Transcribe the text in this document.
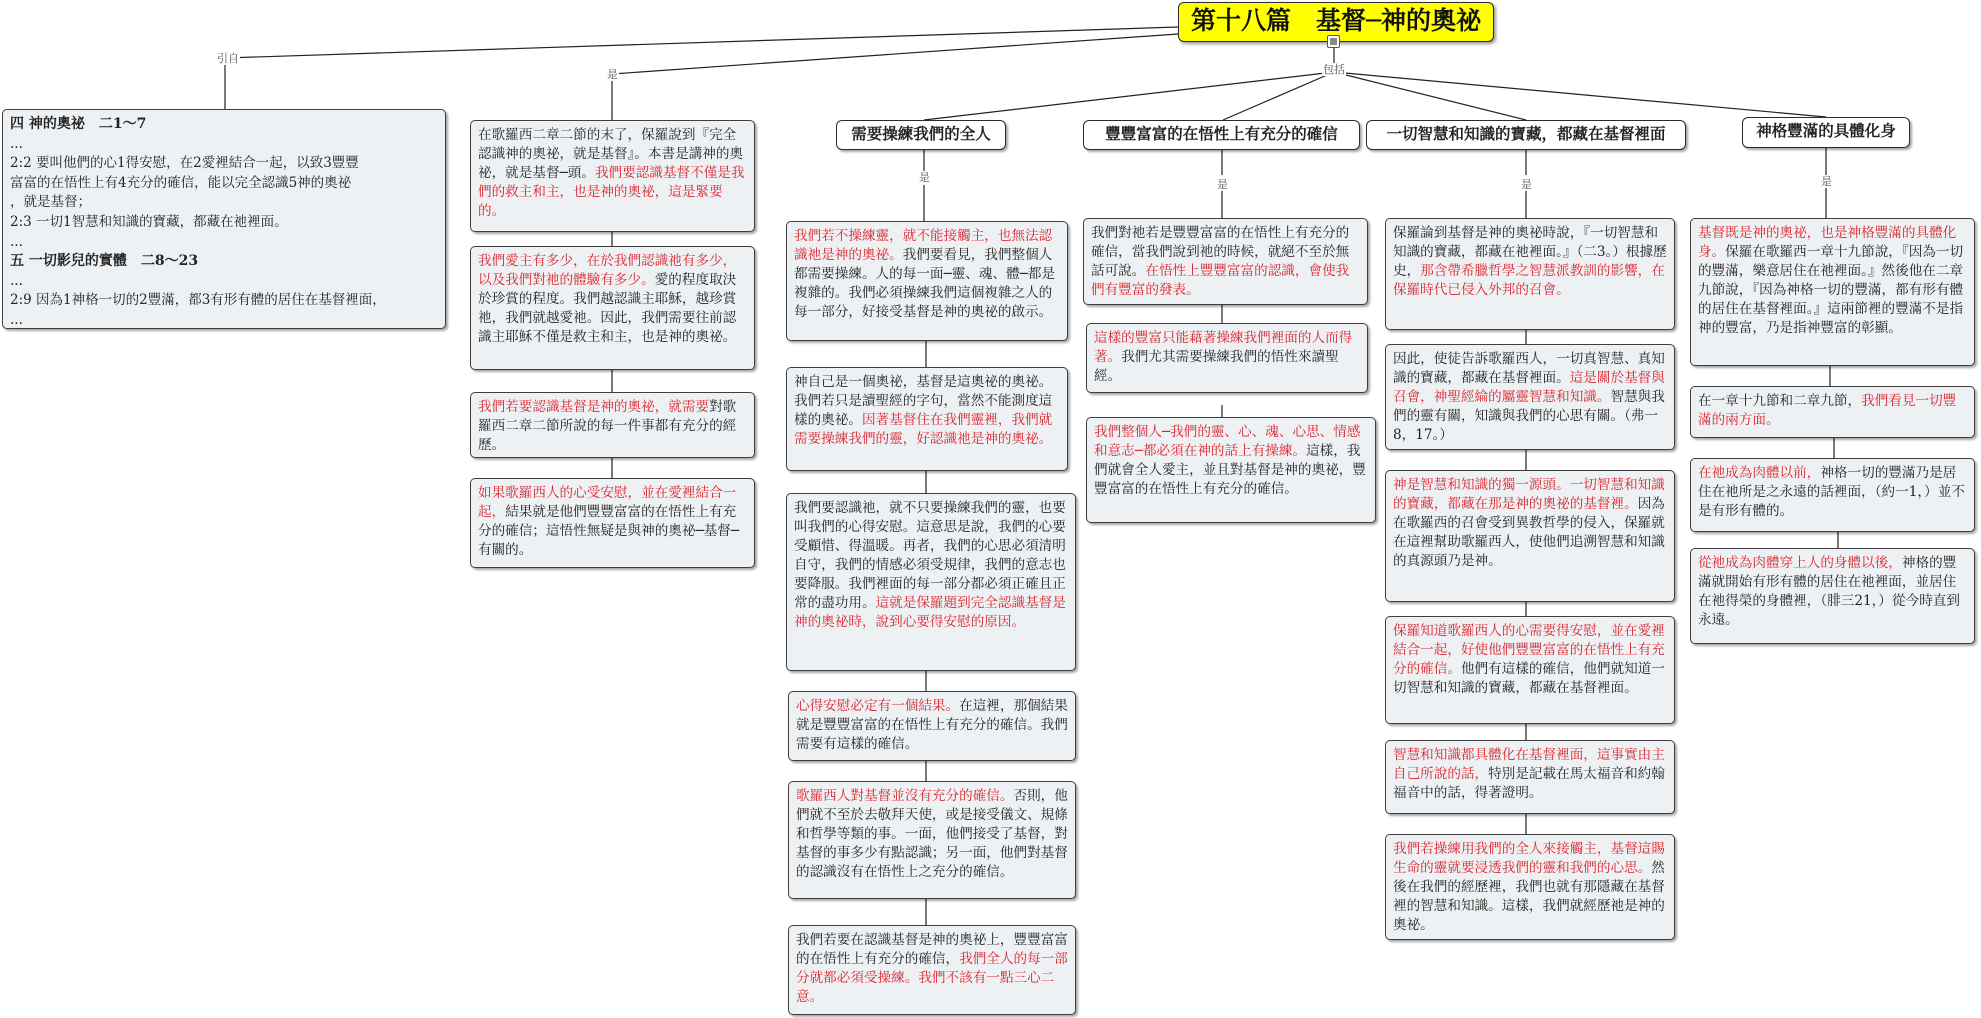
第十八篇　基督─神的奧祕
引自
是	包括
是
是	是	是
四 神的奧祕　二1～7
...
2:2 要叫他們的心1得安慰，在2愛裡結合一起，以致3豐豐
富富的在悟性上有4充分的確信，能以完全認識5神的奧祕
，就是基督；
2:3 一切1智慧和知識的寶藏，都藏在祂裡面。
...
五 一切影兒的實體　二8～23
...
2:9 因為1神格一切的2豐滿，都3有形有體的居住在基督裡面，
...
在歌羅西二章二節的末了，保羅說到『完全認識神的奧祕，就是基督』。本書是講神的奧祕，就是基督─頭。我們要認識基督不僅是我們的救主和主，也是神的奧祕，這是緊要的。
我們愛主有多少，在於我們認識祂有多少，以及我們對祂的體驗有多少。愛的程度取決於珍賞的程度。我們越認識主耶穌，越珍賞祂，我們就越愛祂。因此，我們需要往前認識主耶穌不僅是救主和主，也是神的奧祕。
我們若要認識基督是神的奧祕，就需要對歌羅西二章二節所說的每一件事都有充分的經歷。
如果歌羅西人的心受安慰，並在愛裡結合一起，結果就是他們豐豐富富的在悟性上有充分的確信；這悟性無疑是與神的奧祕─基督─有關的。
需要操練我們的全人	豐豐富富的在悟性上有充分的確信	一切智慧和知識的寶藏，都藏在基督裡面	神格豐滿的具體化身
我們若不操練靈，就不能接觸主，也無法認識祂是神的奧祕。我們要看見，我們整個人都需要操練。人的每一面─靈、魂、體─都是複雜的。我們必須操練我們這個複雜之人的每一部分，好接受基督是神的奧祕的啟示。
神自己是一個奧祕，基督是這奧祕的奧祕。我們若只是讀聖經的字句，當然不能測度這樣的奧祕。因著基督住在我們靈裡，我們就需要操練我們的靈，好認識祂是神的奧祕。
我們要認識祂，就不只要操練我們的靈，也要叫我們的心得安慰。這意思是說，我們的心要受顧惜、得溫暖。再者，我們的心思必須清明自守，我們的情感必須受規律，我們的意志也要降服。我們裡面的每一部分都必須正確且正常的盡功用。這就是保羅題到完全認識基督是神的奧祕時，說到心要得安慰的原因。
心得安慰必定有一個結果。在這裡，那個結果就是豐豐富富的在悟性上有充分的確信。我們需要有這樣的確信。
歌羅西人對基督並沒有充分的確信。否則，他們就不至於去敬拜天使，或是接受儀文、規條和哲學等類的事。一面，他們接受了基督，對基督的事多少有點認識；另一面，他們對基督的認識沒有在悟性上之充分的確信。
我們若要在認識基督是神的奧祕上，豐豐富富的在悟性上有充分的確信，我們全人的每一部分就都必須受操練。我們不該有一點三心二意。
我們對祂若是豐豐富富的在悟性上有充分的確信，當我們說到祂的時候，就絕不至於無話可說。在悟性上豐豐富富的認識，會使我們有豐富的發表。
這樣的豐富只能藉著操練我們裡面的人而得著。我們尤其需要操練我們的悟性來讀聖經。
我們整個人─我們的靈、心、魂、心思、情感和意志─都必須在神的話上有操練。這樣，我們就會全人愛主，並且對基督是神的奧祕，豐豐富富的在悟性上有充分的確信。
保羅論到基督是神的奧祕時說，『一切智慧和知識的寶藏，都藏在祂裡面。』（二3。）根據歷史，那含帶希臘哲學之智慧派教訓的影響，在保羅時代已侵入外邦的召會。
因此，使徒告訴歌羅西人，一切真智慧、真知識的寶藏，都藏在基督裡面。這是關於基督與召會，神聖經綸的屬靈智慧和知識。智慧與我們的靈有關，知識與我們的心思有關。（弗一8，17。）
神是智慧和知識的獨一源頭。一切智慧和知識的寶藏，都藏在那是神的奧祕的基督裡。因為在歌羅西的召會受到異教哲學的侵入，保羅就在這裡幫助歌羅西人，使他們追溯智慧和知識的真源頭乃是神。
保羅知道歌羅西人的心需要得安慰，並在愛裡結合一起，好使他們豐豐富富的在悟性上有充分的確信。他們有這樣的確信，他們就知道一切智慧和知識的寶藏，都藏在基督裡面。
智慧和知識都具體化在基督裡面，這事實由主自己所說的話，特別是記載在馬太福音和約翰福音中的話，得著證明。
我們若操練用我們的全人來接觸主，基督這賜生命的靈就要浸透我們的靈和我們的心思。然後在我們的經歷裡，我們也就有那隱藏在基督裡的智慧和知識。這樣，我們就經歷祂是神的奧祕。
基督既是神的奧祕，也是神格豐滿的具體化身。保羅在歌羅西一章十九節說，『因為一切的豐滿，樂意居住在祂裡面。』然後他在二章九節說，『因為神格一切的豐滿，都有形有體的居住在基督裡面。』這兩節裡的豐滿不是指神的豐富，乃是指神豐富的彰顯。
在一章十九節和二章九節，我們看見一切豐滿的兩方面。
在祂成為肉體以前，神格一切的豐滿乃是居住在祂所是之永遠的話裡面，（約一1，）並不是有形有體的。
從祂成為肉體穿上人的身體以後，神格的豐滿就開始有形有體的居住在祂裡面，並居住在祂得榮的身體裡，（腓三21，）從今時直到永遠。
